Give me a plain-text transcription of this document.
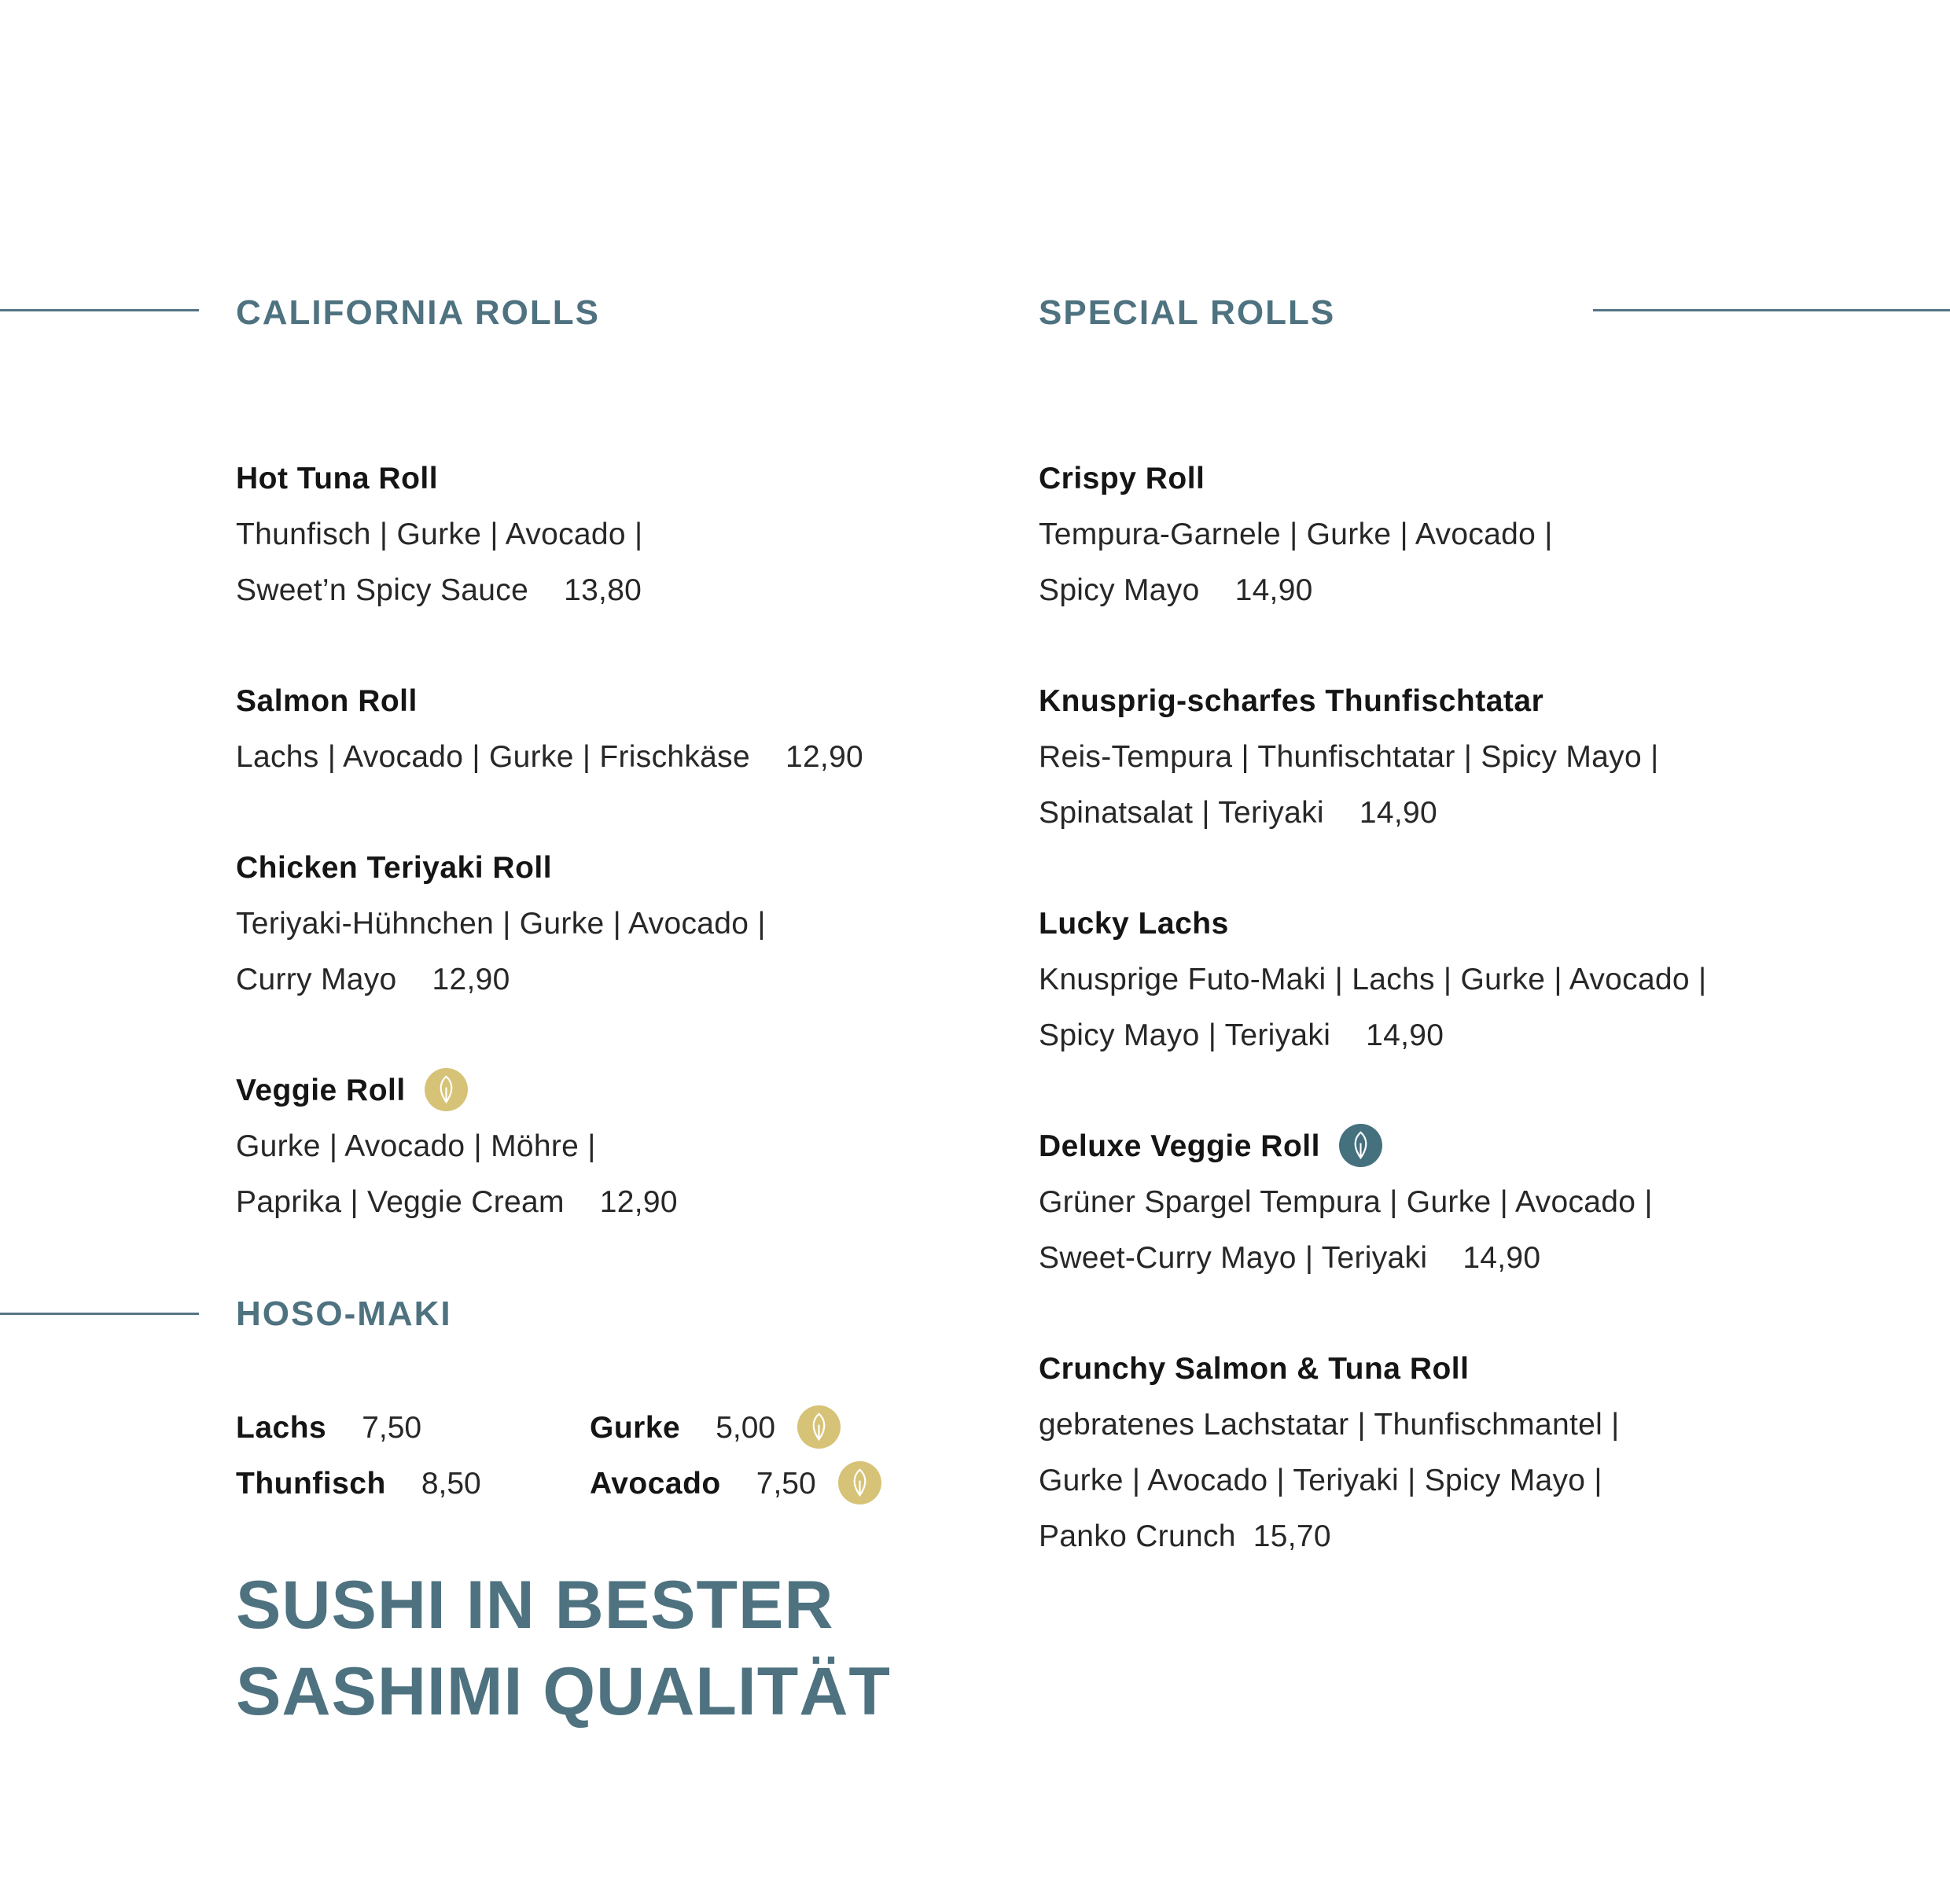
CALIFORNIA ROLLS
Hot Tuna Roll
Thunfisch | Gurke | Avocado |
Sweet’n Spicy Sauce 13,80
Salmon Roll
Lachs | Avocado | Gurke | Frischkäse 12,90
Chicken Teriyaki Roll
Teriyaki-Hühnchen | Gurke | Avocado |
Curry Mayo 12,90
Veggie Roll
Gurke | Avocado | Möhre |
Paprika | Veggie Cream 12,90
HOSO-MAKI
Lachs 7,50	Gurke 5,00
Thunfisch 8,50	Avocado 7,50
SUSHI IN BESTER
SASHIMI QUALITÄT
SPECIAL ROLLS
Crispy Roll
Tempura-Garnele | Gurke | Avocado |
Spicy Mayo 14,90
Knusprig-scharfes Thunfischtatar
Reis-Tempura | Thunfischtatar | Spicy Mayo |
Spinatsalat | Teriyaki 14,90
Lucky Lachs
Knusprige Futo-Maki | Lachs | Gurke | Avocado |
Spicy Mayo | Teriyaki 14,90
Deluxe Veggie Roll
Grüner Spargel Tempura | Gurke | Avocado |
Sweet-Curry Mayo | Teriyaki 14,90
Crunchy Salmon & Tuna Roll
gebratenes Lachstatar | Thunfischmantel |
Gurke | Avocado | Teriyaki | Spicy Mayo |
Panko Crunch 15,70
